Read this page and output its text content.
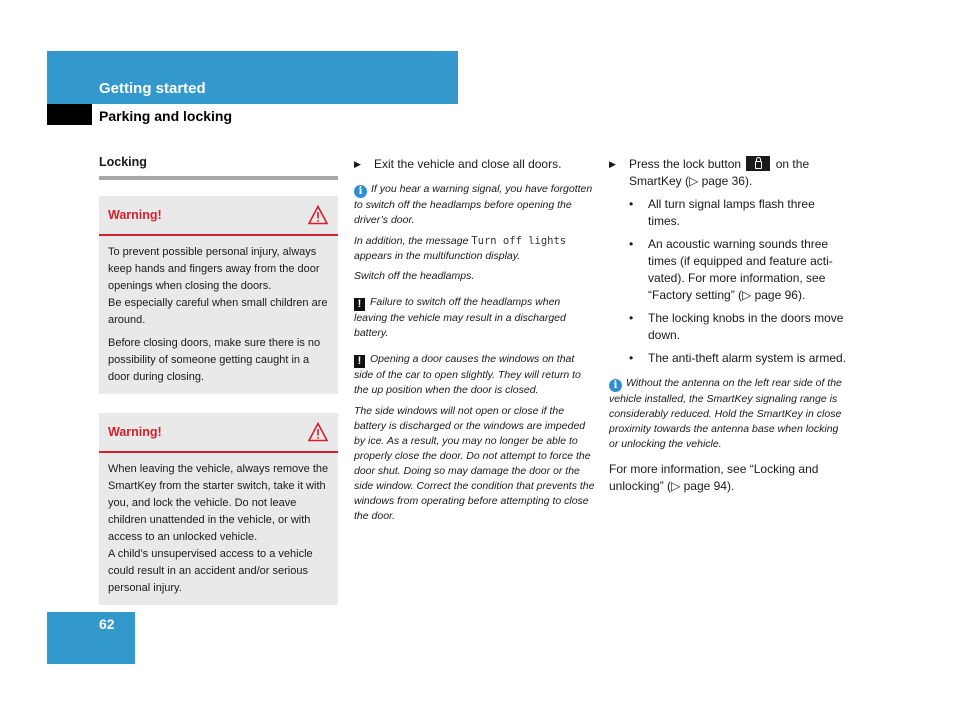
Getting started
Parking and locking
Locking
Warning!

To prevent possible personal injury, always keep hands and fingers away from the door openings when closing the doors.

Be especially careful when small children are around.

Before closing doors, make sure there is no possibility of someone getting caught in a door during closing.

Warning!

When leaving the vehicle, always remove the SmartKey from the starter switch, take it with you, and lock the vehicle. Do not leave children unattended in the vehicle, or with access to an unlocked vehicle.

A child’s unsupervised access to a vehicle could result in an accident and/or serious personal injury.

▶	Exit the vehicle and close all doors.

i If you hear a warning signal, you have forgotten to switch off the headlamps before opening the driver’s door.

In addition, the message Turn off lights appears in the multifunction display.

Switch off the headlamps.

! Failure to switch off the headlamps when leaving the vehicle may result in a discharged battery.

! Opening a door causes the windows on that side of the car to open slightly. They will return to the up position when the door is closed.

The side windows will not open or close if the battery is discharged or the windows are impeded by ice. As a result, you may no longer be able to properly close the door. Do not attempt to force the door shut. Doing so may damage the door or the side window. Correct the condition that prevents the windows from operating before attempting to close the door.

▶	Press the lock button	on the SmartKey (▷ page 36).
•	All turn signal lamps flash three times.
•	An acoustic warning sounds three times (if equipped and feature activated). For more information, see “Factory setting” (▷ page 96).
•	The locking knobs in the doors move down.
•	The anti-theft alarm system is armed.

i Without the antenna on the left rear side of the vehicle installed, the SmartKey signaling range is considerably reduced. Hold the SmartKey in close proximity towards the antenna base when locking or unlocking the vehicle.

For more information, see “Locking and unlocking” (▷ page 94).

62
